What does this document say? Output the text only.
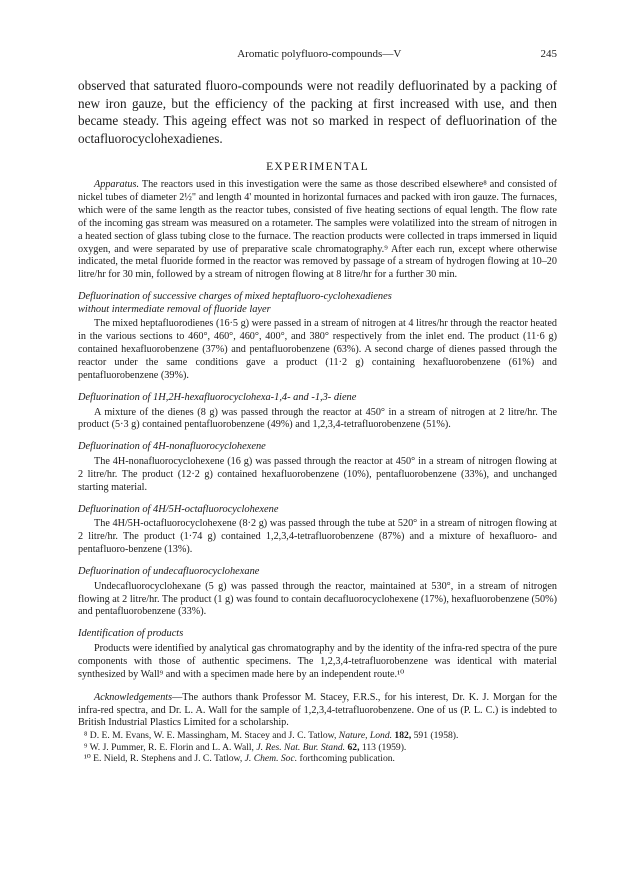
Aromatic polyfluoro-compounds—V	245

observed that saturated fluoro-compounds were not readily defluorinated by a packing of new iron gauze, but the efficiency of the packing at first increased with use, and then became steady. This ageing effect was not so marked in respect of defluorination of the octafluorocyclohexadienes.

EXPERIMENTAL

Apparatus. The reactors used in this investigation were the same as those described elsewhere⁸ and consisted of nickel tubes of diameter 2½" and length 4' mounted in horizontal furnaces and packed with iron gauze. The furnaces, which were of the same length as the reactor tubes, consisted of five heating sections of equal length. The flow rate of the incoming gas stream was measured on a rotameter. The samples were volatilized into the stream of nitrogen in a heated section of glass tubing close to the furnace. The reaction products were collected in traps immersed in liquid oxygen, and were separated by use of preparative scale chromatography.⁹ After each run, except where otherwise indicated, the metal fluoride formed in the reactor was removed by passage of a stream of hydrogen flowing at 10–20 litre/hr for 30 min, followed by a stream of nitrogen flowing at 8 litre/hr for a further 30 min.

Defluorination of successive charges of mixed heptafluoro-cyclohexadienes
without intermediate removal of fluoride layer

The mixed heptafluorodienes (16·5 g) were passed in a stream of nitrogen at 4 litres/hr through the reactor heated in the various sections to 460°, 460°, 460°, 400°, and 380° respectively from the inlet end. The product (11·6 g) contained hexafluorobenzene (37%) and pentafluorobenzene (63%). A second charge of dienes passed through the reactor under the same conditions gave a product (11·2 g) containing hexafluorobenzene (61%) and pentafluorobenzene (39%).

Defluorination of 1H,2H-hexafluorocyclohexa-1,4- and -1,3- diene

A mixture of the dienes (8 g) was passed through the reactor at 450° in a stream of nitrogen at 2 litre/hr. The product (5·3 g) contained pentafluorobenzene (49%) and 1,2,3,4-tetrafluorobenzene (51%).

Defluorination of 4H-nonafluorocyclohexene

The 4H-nonafluorocyclohexene (16 g) was passed through the reactor at 450° in a stream of nitrogen flowing at 2 litre/hr. The product (12·2 g) contained hexafluorobenzene (10%), pentafluorobenzene (33%), and unchanged starting material.

Defluorination of 4H/5H-octafluorocyclohexene

The 4H/5H-octafluorocyclohexene (8·2 g) was passed through the tube at 520° in a stream of nitrogen flowing at 2 litre/hr. The product (1·74 g) contained 1,2,3,4-tetrafluorobenzene (87%) and a mixture of hexafluoro- and pentafluoro-benzene (13%).

Defluorination of undecafluorocyclohexane

Undecafluorocyclohexane (5 g) was passed through the reactor, maintained at 530°, in a stream of nitrogen flowing at 2 litre/hr. The product (1 g) was found to contain decafluorocyclohexene (17%), hexafluorobenzene (50%) and pentafluorobenzene (33%).

Identification of products

Products were identified by analytical gas chromatography and by the identity of the infra-red spectra of the pure components with those of authentic specimens. The 1,2,3,4-tetrafluorobenzene was identical with material synthesized by Wall⁹ and with a specimen made here by an independent route.¹⁰

Acknowledgements—The authors thank Professor M. Stacey, F.R.S., for his interest, Dr. K. J. Morgan for the infra-red spectra, and Dr. L. A. Wall for the sample of 1,2,3,4-tetrafluorobenzene. One of us (P. L. C.) is indebted to British Industrial Plastics Limited for a scholarship.

⁸ D. E. M. Evans, W. E. Massingham, M. Stacey and J. C. Tatlow, Nature, Lond. 182, 591 (1958).
⁹ W. J. Pummer, R. E. Florin and L. A. Wall, J. Res. Nat. Bur. Stand. 62, 113 (1959).
¹⁰ E. Nield, R. Stephens and J. C. Tatlow, J. Chem. Soc. forthcoming publication.
